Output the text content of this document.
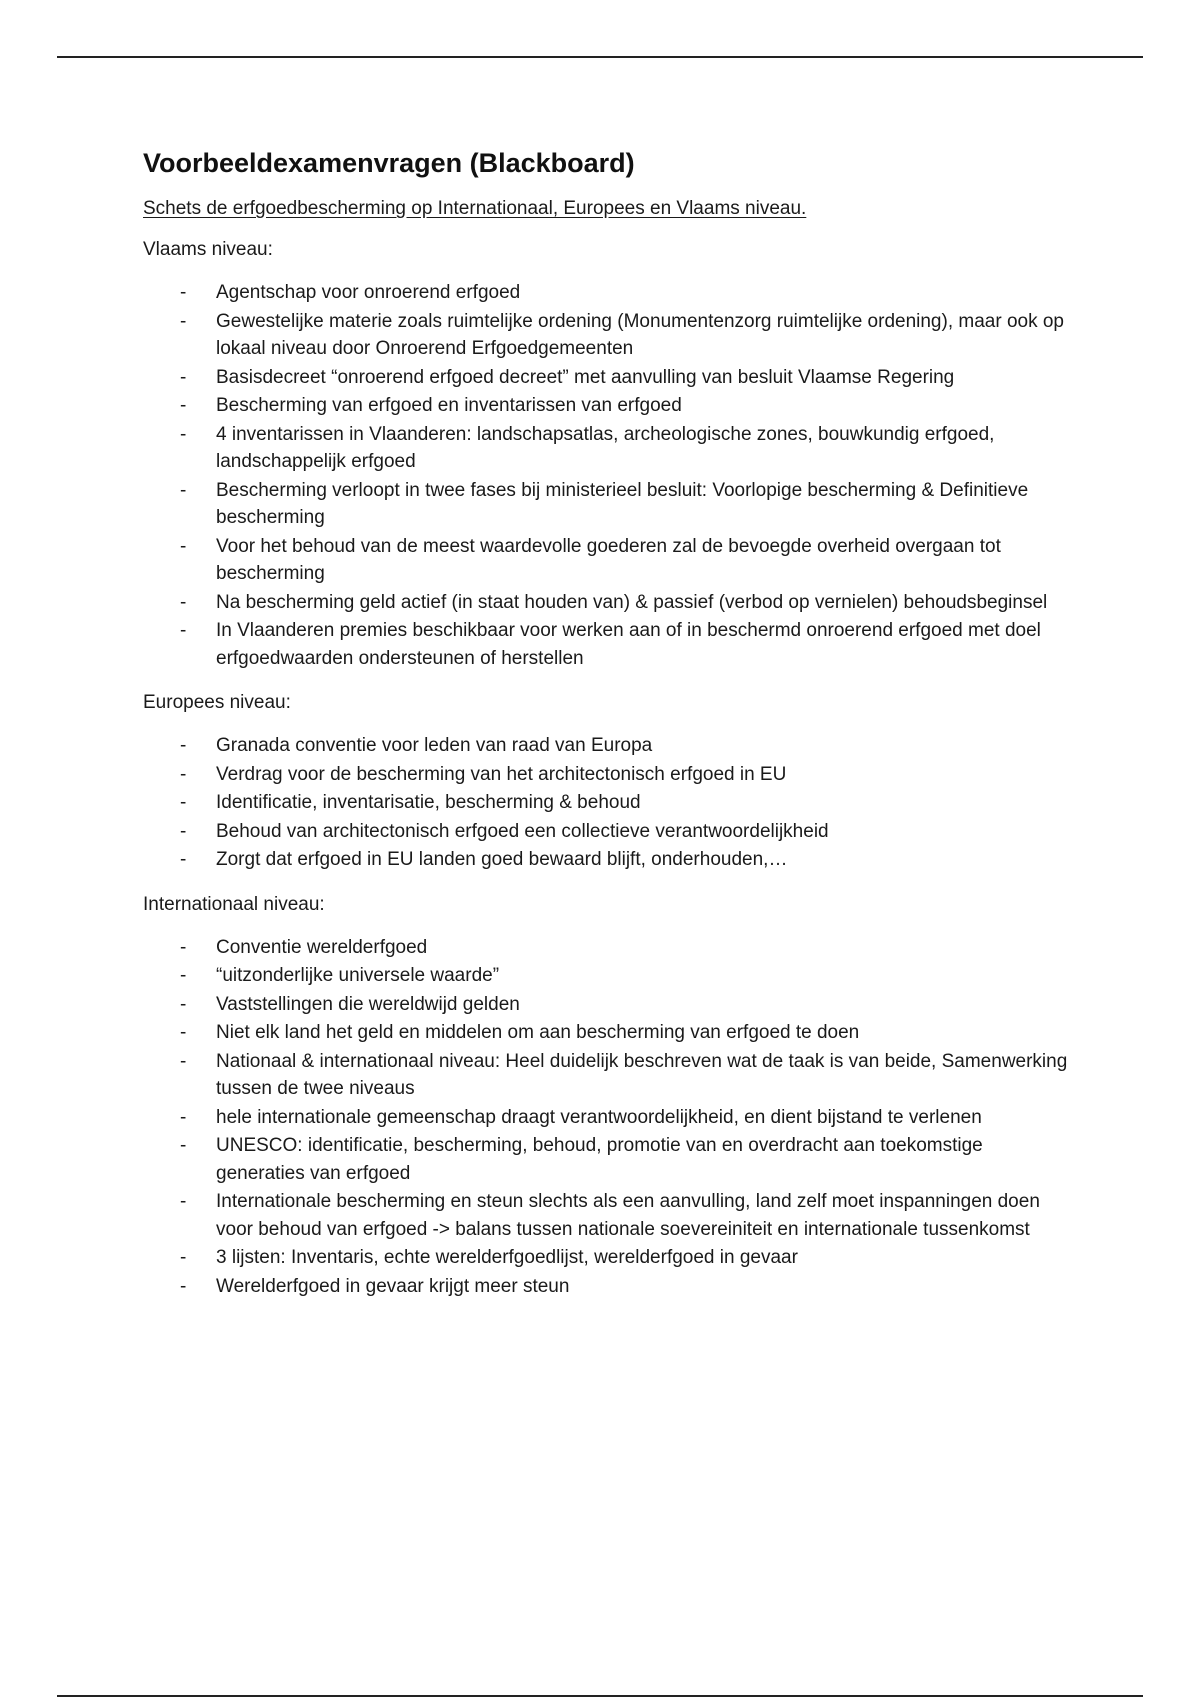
Voorbeeldexamenvragen (Blackboard)

Schets de erfgoedbescherming op Internationaal, Europees en Vlaams niveau.

Vlaams niveau:

- Agentschap voor onroerend erfgoed
- Gewestelijke materie zoals ruimtelijke ordening (Monumentenzorg ruimtelijke ordening), maar ook op lokaal niveau door Onroerend Erfgoedgemeenten
- Basisdecreet “onroerend erfgoed decreet” met aanvulling van besluit Vlaamse Regering
- Bescherming van erfgoed en inventarissen van erfgoed
- 4 inventarissen in Vlaanderen: landschapsatlas, archeologische zones, bouwkundig erfgoed, landschappelijk erfgoed
- Bescherming verloopt in twee fases bij ministerieel besluit: Voorlopige bescherming & Definitieve bescherming
- Voor het behoud van de meest waardevolle goederen zal de bevoegde overheid overgaan tot bescherming
- Na bescherming geld actief (in staat houden van) & passief (verbod op vernielen) behoudsbeginsel
- In Vlaanderen premies beschikbaar voor werken aan of in beschermd onroerend erfgoed met doel erfgoedwaarden ondersteunen of herstellen

Europees niveau:

- Granada conventie voor leden van raad van Europa
- Verdrag voor de bescherming van het architectonisch erfgoed in EU
- Identificatie, inventarisatie, bescherming & behoud
- Behoud van architectonisch erfgoed een collectieve verantwoordelijkheid
- Zorgt dat erfgoed in EU landen goed bewaard blijft, onderhouden,…

Internationaal niveau:

- Conventie werelderfgoed
- “uitzonderlijke universele waarde”
- Vaststellingen die wereldwijd gelden
- Niet elk land het geld en middelen om aan bescherming van erfgoed te doen
- Nationaal & internationaal niveau: Heel duidelijk beschreven wat de taak is van beide, Samenwerking tussen de twee niveaus
- hele internationale gemeenschap draagt verantwoordelijkheid, en dient bijstand te verlenen
- UNESCO: identificatie, bescherming, behoud, promotie van en overdracht aan toekomstige generaties van erfgoed
- Internationale bescherming en steun slechts als een aanvulling, land zelf moet inspanningen doen voor behoud van erfgoed -> balans tussen nationale soevereiniteit en internationale tussenkomst
- 3 lijsten: Inventaris, echte werelderfgoedlijst, werelderfgoed in gevaar
- Werelderfgoed in gevaar krijgt meer steun
